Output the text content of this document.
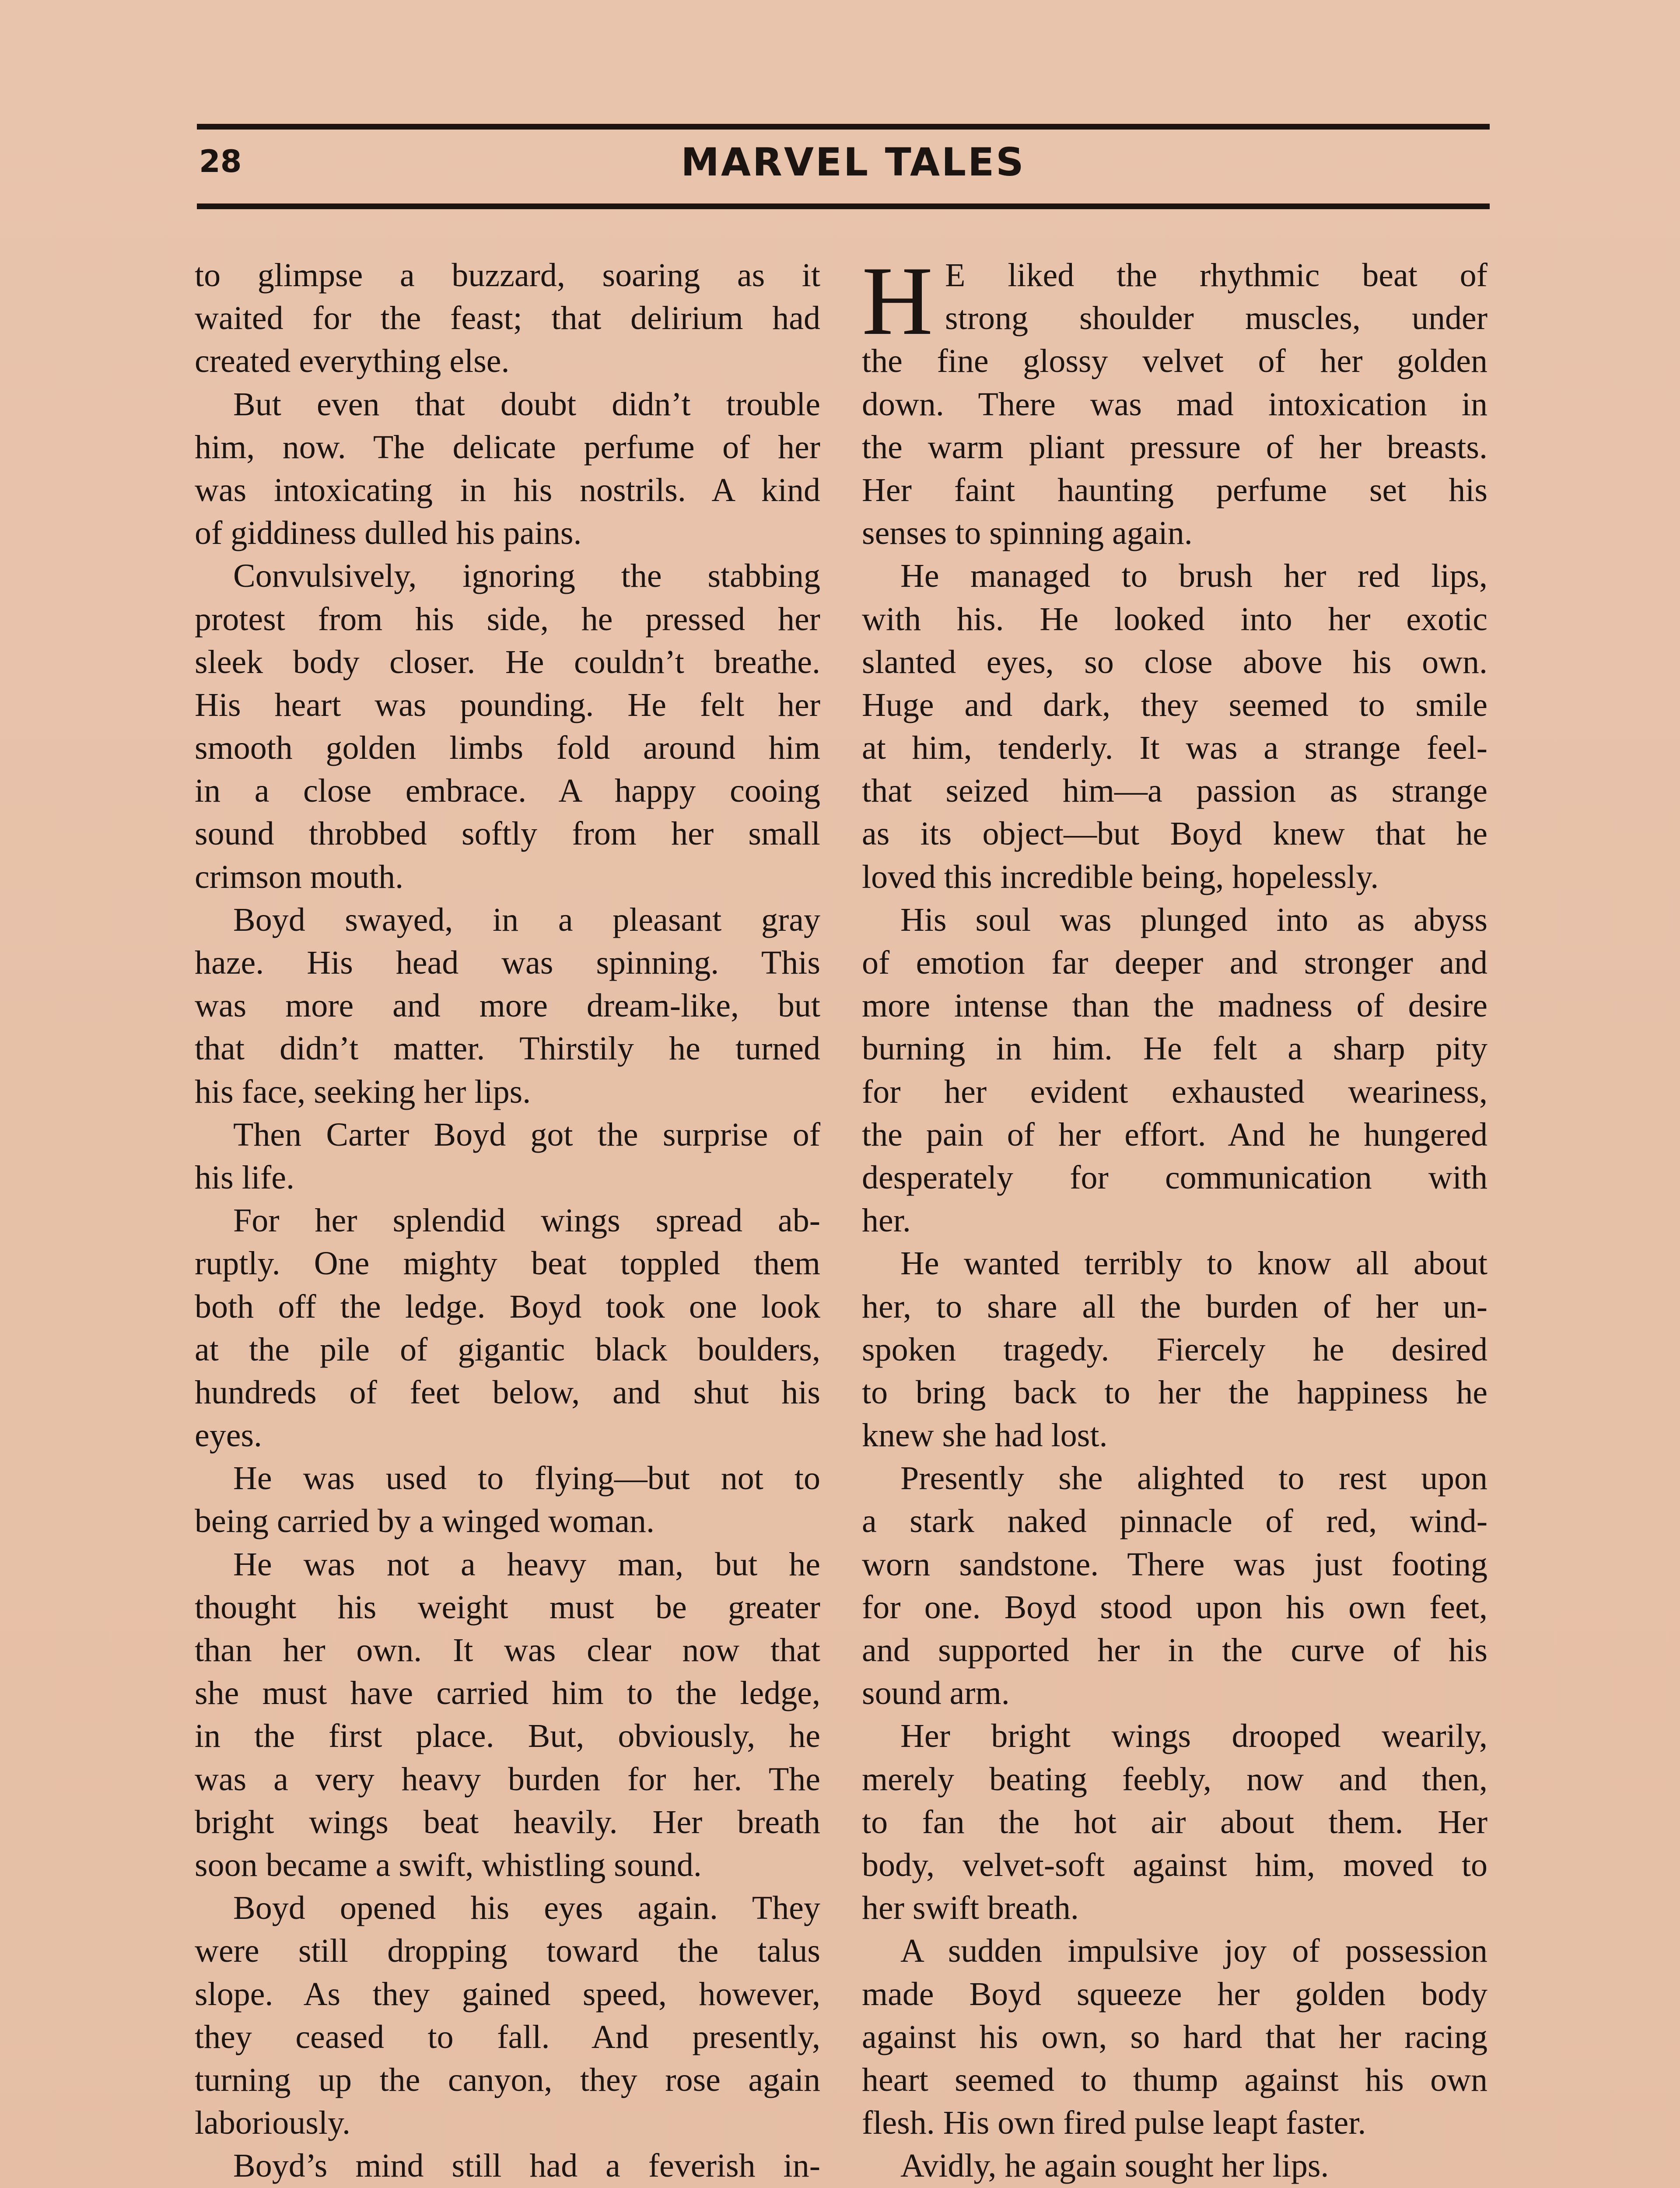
28	MARVEL TALES
to glimpse a buzzard, soaring as it
waited for the feast; that delirium had
created everything else.
But even that doubt didn’t trouble
him, now. The delicate perfume of her
was intoxicating in his nostrils. A kind
of giddiness dulled his pains.
Convulsively, ignoring the stabbing
protest from his side, he pressed her
sleek body closer. He couldn’t breathe.
His heart was pounding. He felt her
smooth golden limbs fold around him
in a close embrace. A happy cooing
sound throbbed softly from her small
crimson mouth.
Boyd swayed, in a pleasant gray
haze. His head was spinning. This
was more and more dream-like, but
that didn’t matter. Thirstily he turned
his face, seeking her lips.
Then Carter Boyd got the surprise of
his life.
For her splendid wings spread ab-
ruptly. One mighty beat toppled them
both off the ledge. Boyd took one look
at the pile of gigantic black boulders,
hundreds of feet below, and shut his
eyes.
He was used to flying—but not to
being carried by a winged woman.
He was not a heavy man, but he
thought his weight must be greater
than her own. It was clear now that
she must have carried him to the ledge,
in the first place. But, obviously, he
was a very heavy burden for her. The
bright wings beat heavily. Her breath
soon became a swift, whistling sound.
Boyd opened his eyes again. They
were still dropping toward the talus
slope. As they gained speed, however,
they ceased to fall. And presently,
turning up the canyon, they rose again
laboriously.
Boyd’s mind still had a feverish in-
H E liked the rhythmic beat of
strong shoulder muscles, under
the fine glossy velvet of her golden
down. There was mad intoxication in
the warm pliant pressure of her breasts.
Her faint haunting perfume set his
senses to spinning again.
He managed to brush her red lips,
with his. He looked into her exotic
slanted eyes, so close above his own.
Huge and dark, they seemed to smile
at him, tenderly. It was a strange feel-
that seized him—a passion as strange
as its object—but Boyd knew that he
loved this incredible being, hopelessly.
His soul was plunged into as abyss
of emotion far deeper and stronger and
more intense than the madness of desire
burning in him. He felt a sharp pity
for her evident exhausted weariness,
the pain of her effort. And he hungered
desperately for communication with
her.
He wanted terribly to know all about
her, to share all the burden of her un-
spoken tragedy. Fiercely he desired
to bring back to her the happiness he
knew she had lost.
Presently she alighted to rest upon
a stark naked pinnacle of red, wind-
worn sandstone. There was just footing
for one. Boyd stood upon his own feet,
and supported her in the curve of his
sound arm.
Her bright wings drooped wearily,
merely beating feebly, now and then,
to fan the hot air about them. Her
body, velvet-soft against him, moved to
her swift breath.
A sudden impulsive joy of possession
made Boyd squeeze her golden body
against his own, so hard that her racing
heart seemed to thump against his own
flesh. His own fired pulse leapt faster.
Avidly, he again sought her lips.
